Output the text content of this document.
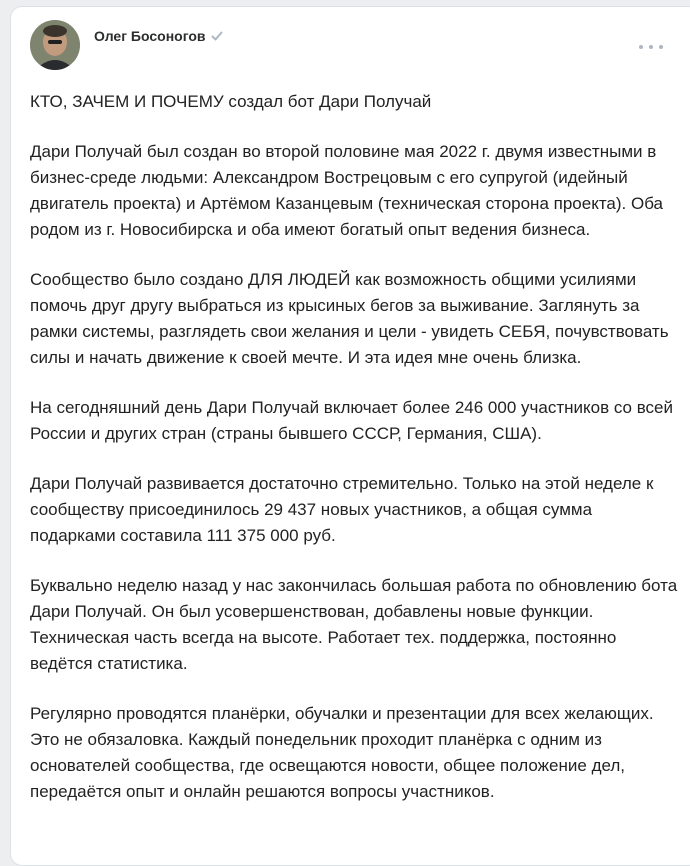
Олег Босоногов

КТО, ЗАЧЕМ И ПОЧЕМУ создал бот Дари Получай

Дари Получай был создан во второй половине мая 2022 г. двумя известными в бизнес-среде людьми: Александром Вострецовым с его супругой (идейный двигатель проекта) и Артёмом Казанцевым (техническая сторона проекта). Оба родом из г. Новосибирска и оба имеют богатый опыт ведения бизнеса.

Сообщество было создано ДЛЯ ЛЮДЕЙ как возможность общими усилиями помочь друг другу выбраться из крысиных бегов за выживание. Заглянуть за рамки системы, разглядеть свои желания и цели - увидеть СЕБЯ, почувствовать силы и начать движение к своей мечте. И эта идея мне очень близка.

На сегодняшний день Дари Получай включает более 246 000 участников со всей России и других стран (страны бывшего СССР, Германия, США).

Дари Получай развивается достаточно стремительно. Только на этой неделе к сообществу присоединилось 29 437 новых участников, а общая сумма подарками составила 111 375 000 руб.

Буквально неделю назад у нас закончилась большая работа по обновлению бота Дари Получай. Он был усовершенствован, добавлены новые функции. Техническая часть всегда на высоте. Работает тех. поддержка, постоянно ведётся статистика.

Регулярно проводятся планёрки, обучалки и презентации для всех желающих. Это не обязаловка. Каждый понедельник проходит планёрка с одним из основателей сообщества, где освещаются новости, общее положение дел, передаётся опыт и онлайн решаются вопросы участников.
